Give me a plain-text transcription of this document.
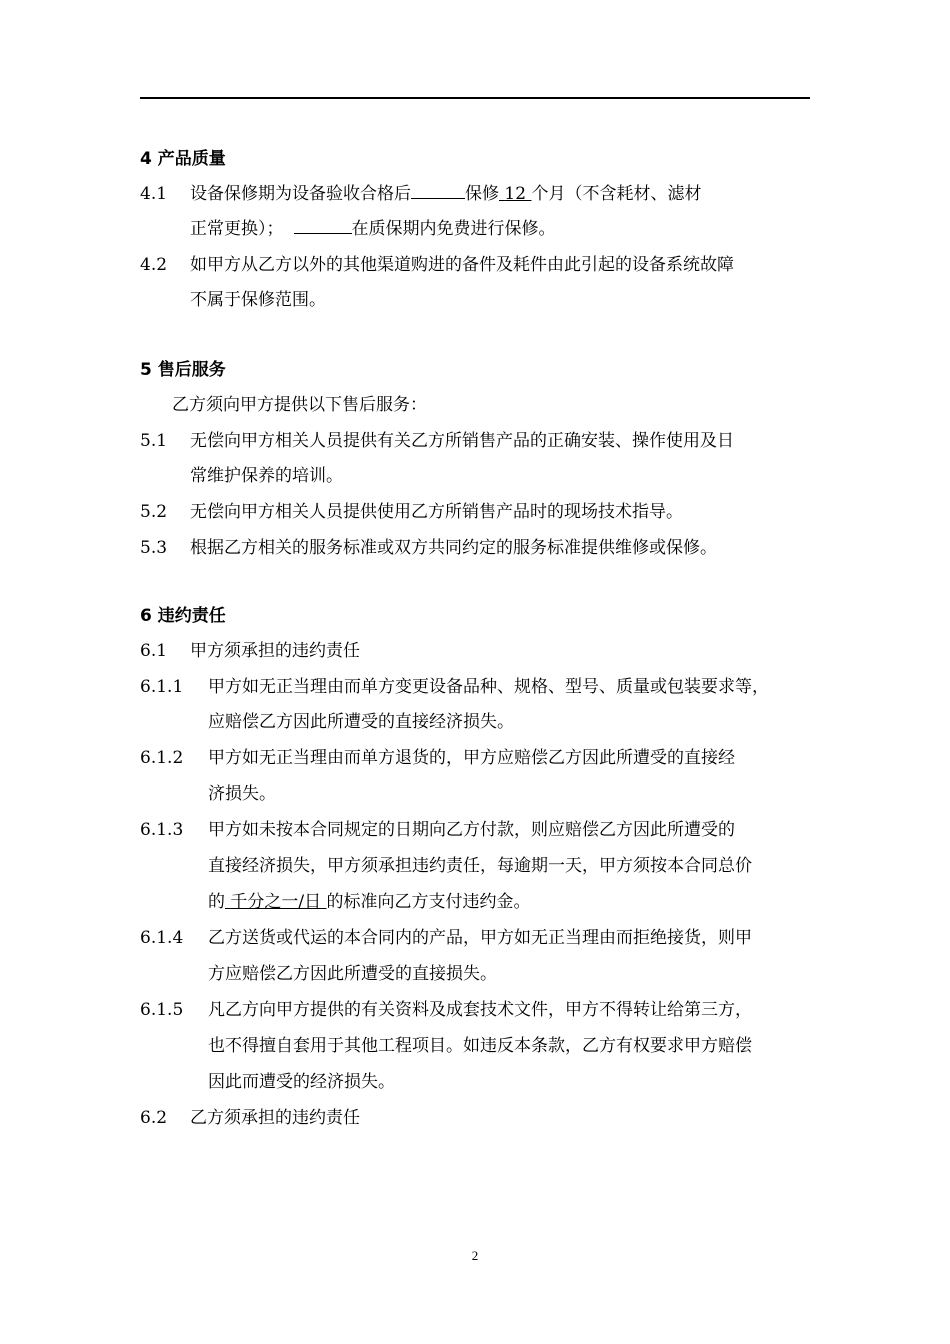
4 产品质量
4.1 设备保修期为设备验收合格后	保修 12 个月（不含耗材、滤材
正常更换）；	在质保期内免费进行保修。
4.2 如甲方从乙方以外的其他渠道购进的备件及耗件由此引起的设备系统故障
不属于保修范围。
5 售后服务
乙方须向甲方提供以下售后服务：
5.1 无偿向甲方相关人员提供有关乙方所销售产品的正确安装、操作使用及日
常维护保养的培训。
5.2 无偿向甲方相关人员提供使用乙方所销售产品时的现场技术指导。
5.3 根据乙方相关的服务标准或双方共同约定的服务标准提供维修或保修。
6 违约责任
6.1 甲方须承担的违约责任
6.1.1 甲方如无正当理由而单方变更设备品种、规格、型号、质量或包装要求等，
应赔偿乙方因此所遭受的直接经济损失。
6.1.2 甲方如无正当理由而单方退货的，甲方应赔偿乙方因此所遭受的直接经
济损失。
6.1.3 甲方如未按本合同规定的日期向乙方付款，则应赔偿乙方因此所遭受的
直接经济损失，甲方须承担违约责任，每逾期一天，甲方须按本合同总价
的 千分之一/日 的标准向乙方支付违约金。
6.1.4 乙方送货或代运的本合同内的产品，甲方如无正当理由而拒绝接货，则甲
方应赔偿乙方因此所遭受的直接损失。
6.1.5 凡乙方向甲方提供的有关资料及成套技术文件，甲方不得转让给第三方，
也不得擅自套用于其他工程项目。如违反本条款，乙方有权要求甲方赔偿
因此而遭受的经济损失。
6.2 乙方须承担的违约责任
2
